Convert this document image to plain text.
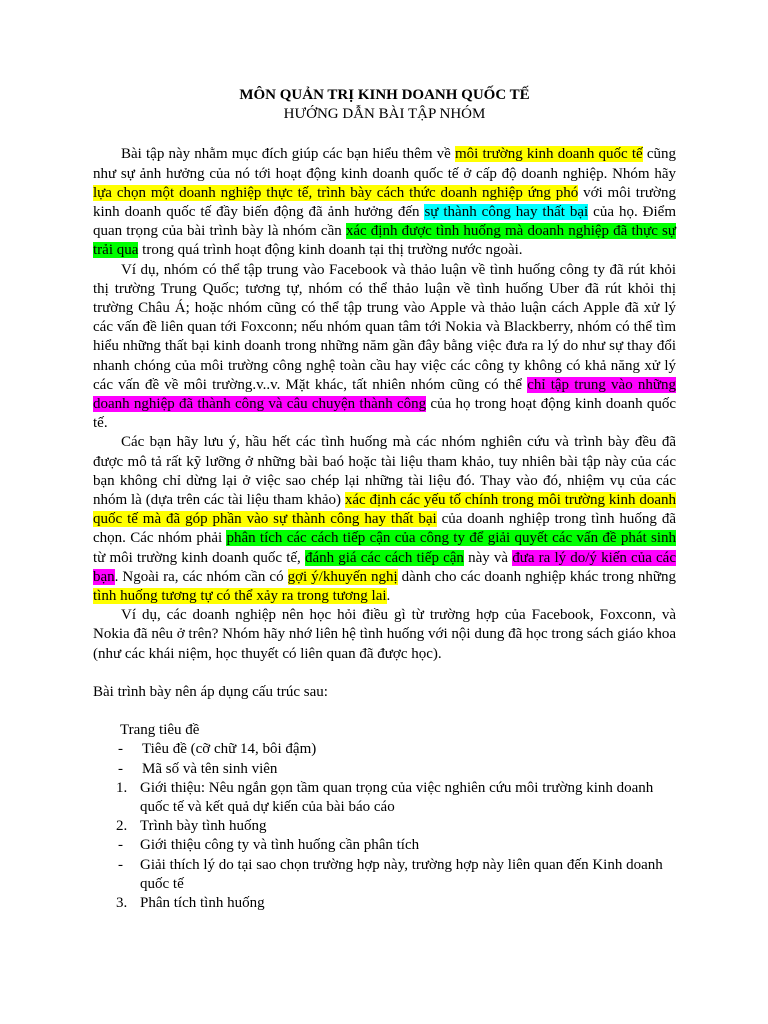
MÔN QUẢN TRỊ KINH DOANH QUỐC TẾ

HƯỚNG DẪN BÀI TẬP NHÓM

Bài tập này nhằm mục đích giúp các bạn hiểu thêm về môi trường kinh doanh quốc tế cũng như sự ảnh hưởng của nó tới hoạt động kinh doanh quốc tế ở cấp độ doanh nghiệp. Nhóm hãy lựa chọn một doanh nghiệp thực tế, trình bày cách thức doanh nghiệp ứng phó với môi trường kinh doanh quốc tế đầy biến động đã ảnh hưởng đến sự thành công hay thất bại của họ. Điểm quan trọng của bài trình bày là nhóm cần xác định được tình huống mà doanh nghiệp đã thực sự trải qua trong quá trình hoạt động kinh doanh tại thị trường nước ngoài.

Ví dụ, nhóm có thể tập trung vào Facebook và thảo luận về tình huống công ty đã rút khỏi thị trường Trung Quốc; tương tự, nhóm có thể thảo luận về tình huống Uber đã rút khỏi thị trường Châu Á; hoặc nhóm cũng có thể tập trung vào Apple và thảo luận cách Apple đã xử lý các vấn đề liên quan tới Foxconn; nếu nhóm quan tâm tới Nokia và Blackberry, nhóm có thể tìm hiểu những thất bại kinh doanh trong những năm gần đây bằng việc đưa ra lý do như sự thay đổi nhanh chóng của môi trường công nghệ toàn cầu hay việc các công ty không có khả năng xử lý các vấn đề về môi trường.v..v. Mặt khác, tất nhiên nhóm cũng có thể chỉ tập trung vào những doanh nghiệp đã thành công và câu chuyện thành công của họ trong hoạt động kinh doanh quốc tế.

Các bạn hãy lưu ý, hầu hết các tình huống mà các nhóm nghiên cứu và trình bày đều đã được mô tả rất kỹ lưỡng ở những bài baó hoặc tài liệu tham khảo, tuy nhiên bài tập này của các bạn không chỉ dừng lại ở việc sao chép lại những tài liệu đó. Thay vào đó, nhiệm vụ của các nhóm là (dựa trên các tài liệu tham khảo) xác định các yếu tố chính trong môi trường kinh doanh quốc tế mà đã góp phần vào sự thành công hay thất bại của doanh nghiệp trong tình huống đã chọn. Các nhóm phải phân tích các cách tiếp cận của công ty để giải quyết các vấn đề phát sinh từ môi trường kinh doanh quốc tế, đánh giá các cách tiếp cận này và đưa ra lý do/ý kiến của các bạn. Ngoài ra, các nhóm cần có gợi ý/khuyến nghị dành cho các doanh nghiệp khác trong những tình huống tương tự có thể xảy ra trong tương lai.

Ví dụ, các doanh nghiệp nên học hỏi điều gì từ trường hợp của Facebook, Foxconn, và Nokia đã nêu ở trên? Nhóm hãy nhớ liên hệ tình huống với nội dung đã học trong sách giáo khoa (như các khái niệm, học thuyết có liên quan đã được học).

Bài trình bày nên áp dụng cấu trúc sau:

Trang tiêu đề

-	Tiêu đề (cỡ chữ 14, bôi đậm)
-	Mã số và tên sinh viên
1. Giới thiệu: Nêu ngắn gọn tầm quan trọng của việc nghiên cứu môi trường kinh doanh quốc tế và kết quả dự kiến của bài báo cáo
2. Trình bày tình huống
-	Giới thiệu công ty và tình huống cần phân tích
-	Giải thích lý do tại sao chọn trường hợp này, trường hợp này liên quan đến Kinh doanh quốc tế
3. Phân tích tình huống
